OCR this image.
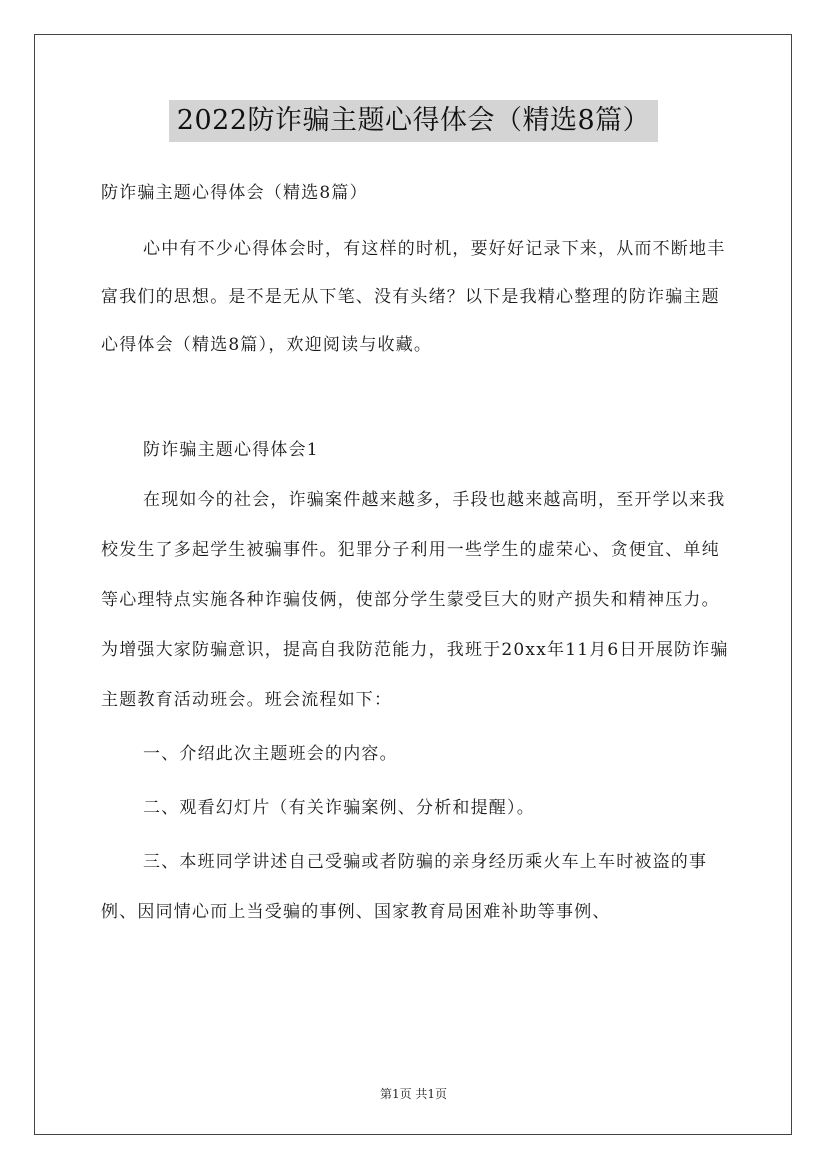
2022防诈骗主题心得体会（精选8篇）

防诈骗主题心得体会（精选8篇）

心中有不少心得体会时，有这样的时机，要好好记录下来，从而不断地丰富我们的思想。是不是无从下笔、没有头绪？以下是我精心整理的防诈骗主题心得体会（精选8篇），欢迎阅读与收藏。

防诈骗主题心得体会1

在现如今的社会，诈骗案件越来越多，手段也越来越高明，至开学以来我校发生了多起学生被骗事件。犯罪分子利用一些学生的虚荣心、贪便宜、单纯等心理特点实施各种诈骗伎俩，使部分学生蒙受巨大的财产损失和精神压力。为增强大家防骗意识，提高自我防范能力，我班于20xx年11月6日开展防诈骗主题教育活动班会。班会流程如下：

一、介绍此次主题班会的内容。

二、观看幻灯片（有关诈骗案例、分析和提醒）。

三、本班同学讲述自己受骗或者防骗的亲身经历乘火车上车时被盗的事例、因同情心而上当受骗的事例、国家教育局困难补助等事例、

第1页 共1页
